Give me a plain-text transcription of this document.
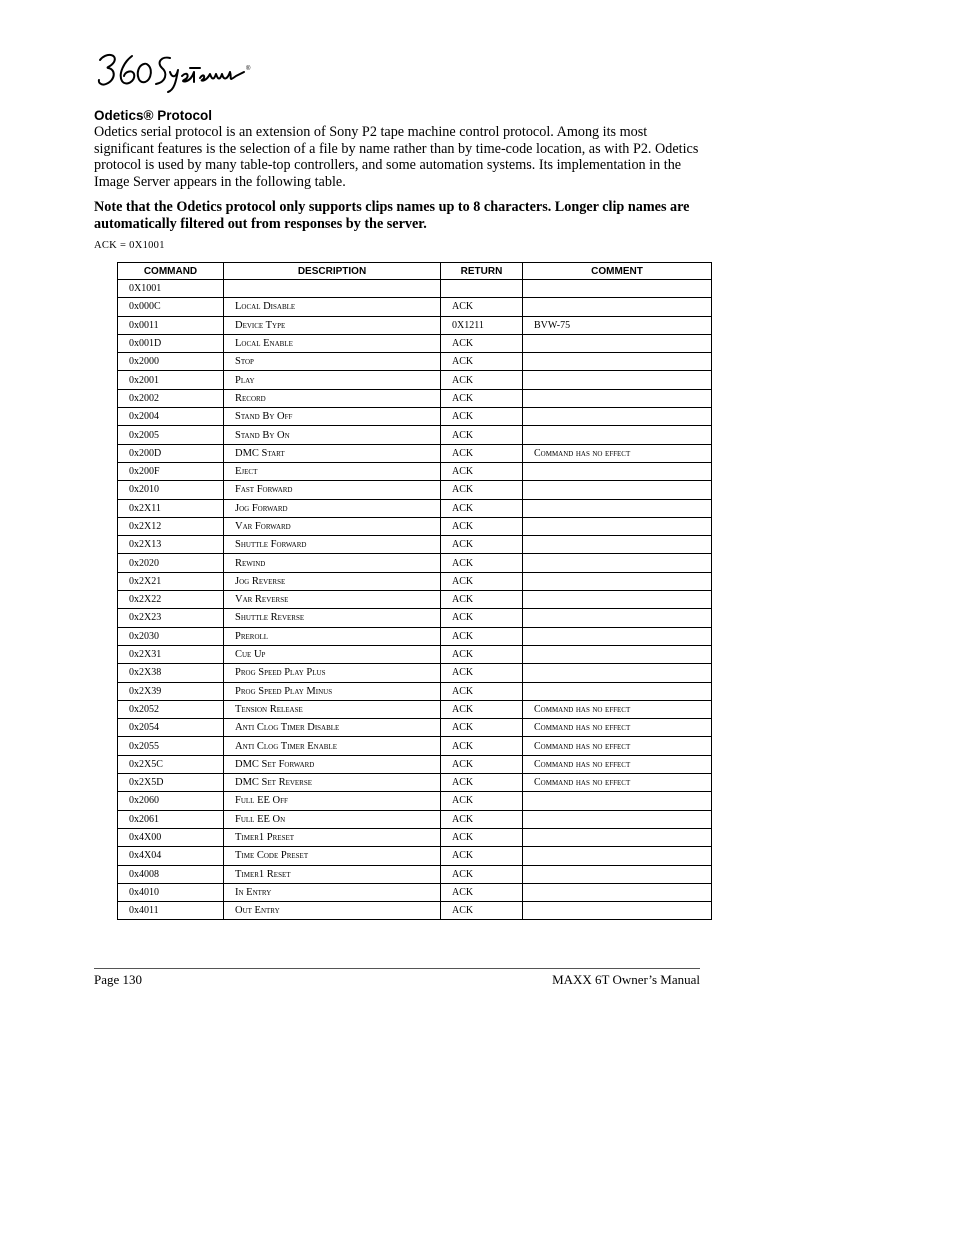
®
Odetics® Protocol
Odetics serial protocol is an extension of Sony P2 tape machine control protocol. Among its most significant features is the selection of a file by name rather than by time-code location, as with P2. Odetics protocol is used by many table-top controllers, and some automation systems. Its implementation in the Image Server appears in the following table.
Note that the Odetics protocol only supports clips names up to 8 characters. Longer clip names are automatically filtered out from responses by the server.
ACK = 0X1001
COMMAND	DESCRIPTION	RETURN	COMMENT
0X1001			
0x000C	Local Disable	ACK	
0x0011	Device Type	0X1211	BVW-75
0x001D	Local Enable	ACK	
0x2000	Stop	ACK	
0x2001	Play	ACK	
0x2002	Record	ACK	
0x2004	Stand By Off	ACK	
0x2005	Stand By On	ACK	
0x200D	DMC Start	ACK	Command has no effect
0x200F	Eject	ACK	
0x2010	Fast Forward	ACK	
0x2X11	Jog Forward	ACK	
0x2X12	Var Forward	ACK	
0x2X13	Shuttle Forward	ACK	
0x2020	Rewind	ACK	
0x2X21	Jog Reverse	ACK	
0x2X22	Var Reverse	ACK	
0x2X23	Shuttle Reverse	ACK	
0x2030	Preroll	ACK	
0x2X31	Cue Up	ACK	
0x2X38	Prog Speed Play Plus	ACK	
0x2X39	Prog Speed Play Minus	ACK	
0x2052	Tension Release	ACK	Command has no effect
0x2054	Anti Clog Timer Disable	ACK	Command has no effect
0x2055	Anti Clog Timer Enable	ACK	Command has no effect
0x2X5C	DMC Set Forward	ACK	Command has no effect
0x2X5D	DMC Set Reverse	ACK	Command has no effect
0x2060	Full EE Off	ACK	
0x2061	Full EE On	ACK	
0x4X00	Timer1 Preset	ACK	
0x4X04	Time Code Preset	ACK	
0x4008	Timer1 Reset	ACK	
0x4010	In Entry	ACK	
0x4011	Out Entry	ACK	
Page 130	MAXX 6T Owner’s Manual
